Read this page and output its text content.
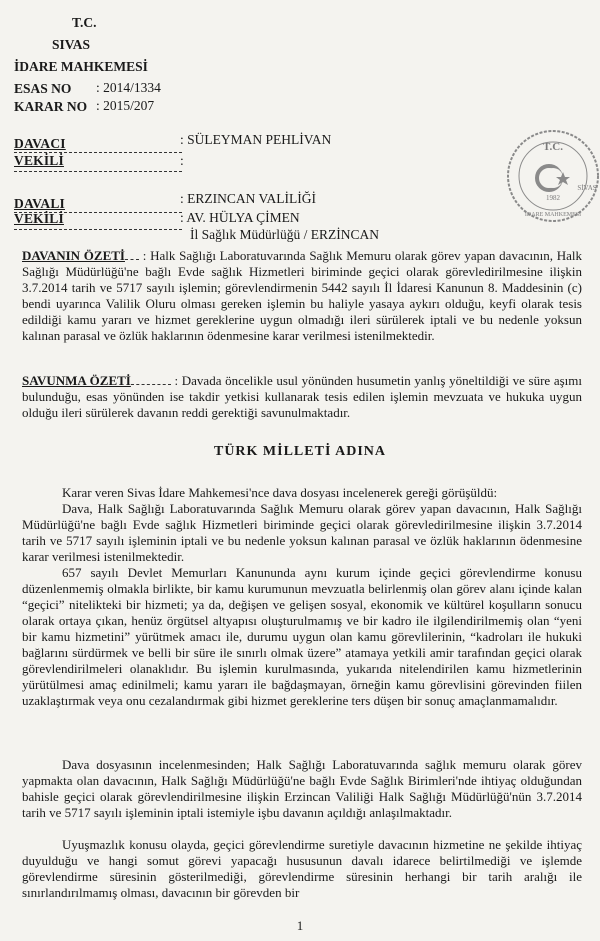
T.C.
SIVAS
İDARE MAHKEMESİ
ESAS NO : 2014/1334
KARAR NO : 2015/207
DAVACI	: SÜLEYMAN PEHLİVAN
VEKİLİ	:
DAVALI	: ERZINCAN VALİLİĞİ
VEKİLİ	: AV. HÜLYA ÇİMEN
İl Sağlık Müdürlüğü / ERZİNCAN
T.C.
1982
SİVAS
İDARE MAHKEMESİ

DAVANIN ÖZETİ : Halk Sağlığı Laboratuvarında Sağlık Memuru olarak görev yapan davacının, Halk Sağlığı Müdürlüğü'ne bağlı Evde sağlık Hizmetleri biriminde geçici olarak görevledirilmesine ilişkin 3.7.2014 tarih ve 5717 sayılı işlemin; görevlendirmenin 5442 sayılı İl İdaresi Kanunun 8. Maddesinin (c) bendi uyarınca Valilik Oluru olması gereken işlemin bu haliyle yasaya aykırı olduğu, keyfi olarak tesis edildiği kamu yararı ve hizmet gereklerine uygun olmadığı ileri sürülerek iptali ve bu nedenle yoksun kalınan parasal ve özlük haklarının ödenmesine karar verilmesi istenilmektedir.

SAVUNMA ÖZETİ	: Davada öncelikle usul yönünden husumetin yanlış yöneltildiği ve süre aşımı bulunduğu, esas yönünden ise takdir yetkisi kullanarak tesis edilen işlemin mevzuata ve hukuka uygun olduğu ileri sürülerek davanın reddi gerektiği savunulmaktadır.

TÜRK MİLLETİ ADINA

Karar veren Sivas İdare Mahkemesi'nce dava dosyası incelenerek gereği görüşüldü:

Dava, Halk Sağlığı Laboratuvarında Sağlık Memuru olarak görev yapan davacının, Halk Sağlığı Müdürlüğü'ne bağlı Evde sağlık Hizmetleri biriminde geçici olarak görevledirilmesine ilişkin 3.7.2014 tarih ve 5717 sayılı işleminin iptali ve bu nedenle yoksun kalınan parasal ve özlük haklarının ödenmesine karar verilmesi istenilmektedir.

657 sayılı Devlet Memurları Kanununda aynı kurum içinde geçici görevlendirme konusu düzenlenmemiş olmakla birlikte, bir kamu kurumunun mevzuatla belirlenmiş olan görev alanı içinde kalan “geçici” nitelikteki bir hizmeti; ya da, değişen ve gelişen sosyal, ekonomik ve kültürel koşulların sonucu olarak ortaya çıkan, henüz örgütsel altyapısı oluşturulmamış ve bir kadro ile ilgilendirilmemiş olan “yeni bir kamu hizmetini” yürütmek amacı ile, durumu uygun olan kamu görevlilerinin, “kadroları ile hukuki bağlarını sürdürmek ve belli bir süre ile sınırlı olmak üzere” atamaya yetkili amir tarafından geçici olarak görevlendirilmeleri olanaklıdır. Bu işlemin kurulmasında, yukarıda nitelendirilen kamu hizmetlerinin yürütülmesi amaç edinilmeli; kamu yararı ile bağdaşmayan, örneğin kamu görevlisini görevinden fiilen uzaklaştırmak veya onu cezalandırmak gibi hizmet gereklerine ters düşen bir sonuç amaçlanmamalıdır.

Dava dosyasının incelenmesinden; Halk Sağlığı Laboratuvarında sağlık memuru olarak görev yapmakta olan davacının, Halk Sağlığı Müdürlüğü'ne bağlı Evde Sağlık Birimleri'nde ihtiyaç olduğundan bahisle geçici olarak görevlendirilmesine ilişkin Erzincan Valiliği Halk Sağlığı Müdürlüğü'nün 3.7.2014 tarih ve 5717 sayılı işleminin iptali istemiyle işbu davanın açıldığı anlaşılmaktadır.

Uyuşmazlık konusu olayda, geçici görevlendirme suretiyle davacının hizmetine ne şekilde ihtiyaç duyulduğu ve hangi somut görevi yapacağı hususunun davalı idarece belirtilmediği ve işlemde görevlendirme süresinin gösterilmediği, görevlendirme süresinin herhangi bir tarih aralığı ile sınırlandırılmamış olması, davacının bir görevden bir

1
